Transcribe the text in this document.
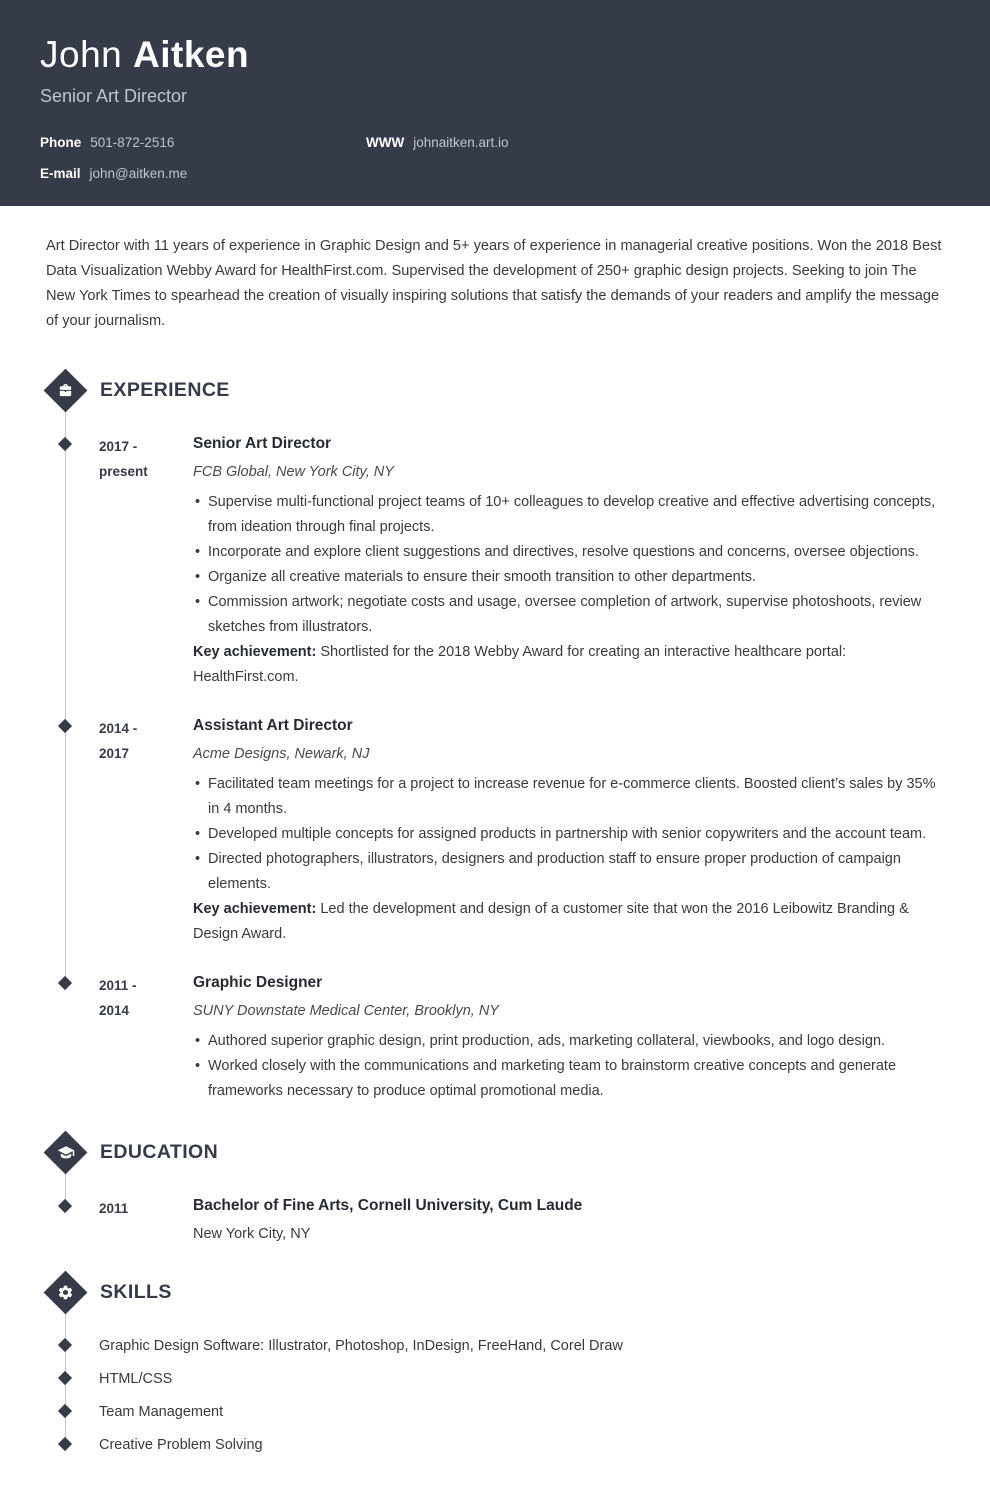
John Aitken
Senior Art Director
Phone 501-872-2516	WWW johnaitken.art.io
E-mail john@aitken.me

Art Director with 11 years of experience in Graphic Design and 5+ years of experience in managerial creative positions. Won the 2018 Best Data Visualization Webby Award for HealthFirst.com. Supervised the development of 250+ graphic design projects. Seeking to join The New York Times to spearhead the creation of visually inspiring solutions that satisfy the demands of your readers and amplify the message of your journalism.

EXPERIENCE
2017 -
present
Senior Art Director
FCB Global, New York City, NY
• Supervise multi-functional project teams of 10+ colleagues to develop creative and effective advertising concepts, from ideation through final projects.
• Incorporate and explore client suggestions and directives, resolve questions and concerns, oversee objections.
• Organize all creative materials to ensure their smooth transition to other departments.
• Commission artwork; negotiate costs and usage, oversee completion of artwork, supervise photoshoots, review sketches from illustrators.

Key achievement: Shortlisted for the 2018 Webby Award for creating an interactive healthcare portal: HealthFirst.com.

2014 -
2017
Assistant Art Director
Acme Designs, Newark, NJ
• Facilitated team meetings for a project to increase revenue for e-commerce clients. Boosted client’s sales by 35% in 4 months.
• Developed multiple concepts for assigned products in partnership with senior copywriters and the account team.
• Directed photographers, illustrators, designers and production staff to ensure proper production of campaign elements.

Key achievement: Led the development and design of a customer site that won the 2016 Leibowitz Branding & Design Award.

2011 -
2014
Graphic Designer
SUNY Downstate Medical Center, Brooklyn, NY
• Authored superior graphic design, print production, ads, marketing collateral, viewbooks, and logo design.
• Worked closely with the communications and marketing team to brainstorm creative concepts and generate frameworks necessary to produce optimal promotional media.
EDUCATION
2011	Bachelor of Fine Arts, Cornell University, Cum Laude
New York City, NY
SKILLS
Graphic Design Software: Illustrator, Photoshop, InDesign, FreeHand, Corel Draw
HTML/CSS
Team Management
Creative Problem Solving
